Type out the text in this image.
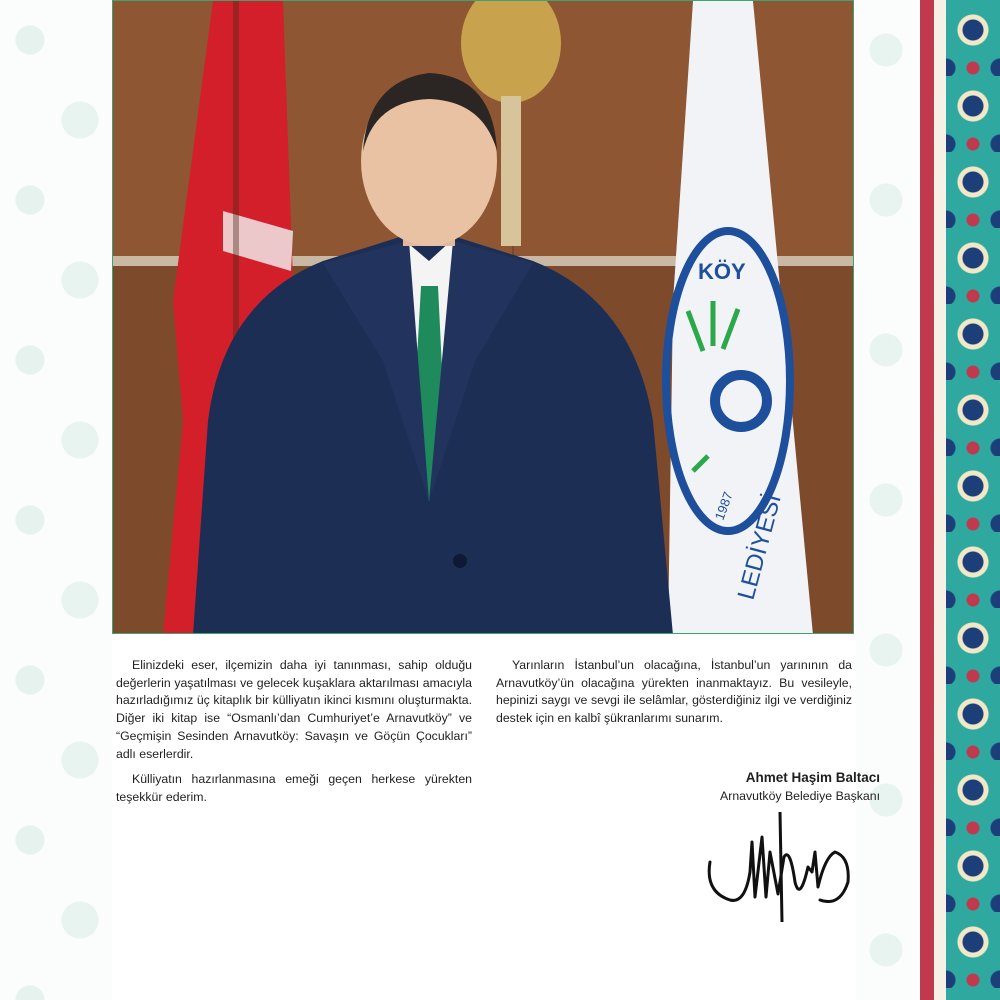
KÖY
1987
LEDİYESİ

Elinizdeki eser, ilçemizin daha iyi tanınması, sahip olduğu değerlerin yaşatılması ve gelecek kuşaklara aktarılması amacıyla hazırladığımız üç kitaplık bir külliyatın ikinci kısmını oluşturmakta. Diğer iki kitap ise “Osmanlı’dan Cumhuriyet’e Arnavutköy” ve “Geçmişin Sesinden Arnavutköy: Savaşın ve Göçün Çocukları” adlı eserlerdir.

Külliyatın hazırlanmasına emeği geçen herkese yürekten teşekkür ederim.

Yarınların İstanbul’un olacağına, İstanbul’un yarınının da Arnavutköy’ün olacağına yürekten inanmaktayız. Bu vesileyle, hepinizi saygı ve sevgi ile selâmlar, gösterdiğiniz ilgi ve verdiğiniz destek için en kalbî şükranlarımı sunarım.

Ahmet Haşim Baltacı
Arnavutköy Belediye Başkanı
